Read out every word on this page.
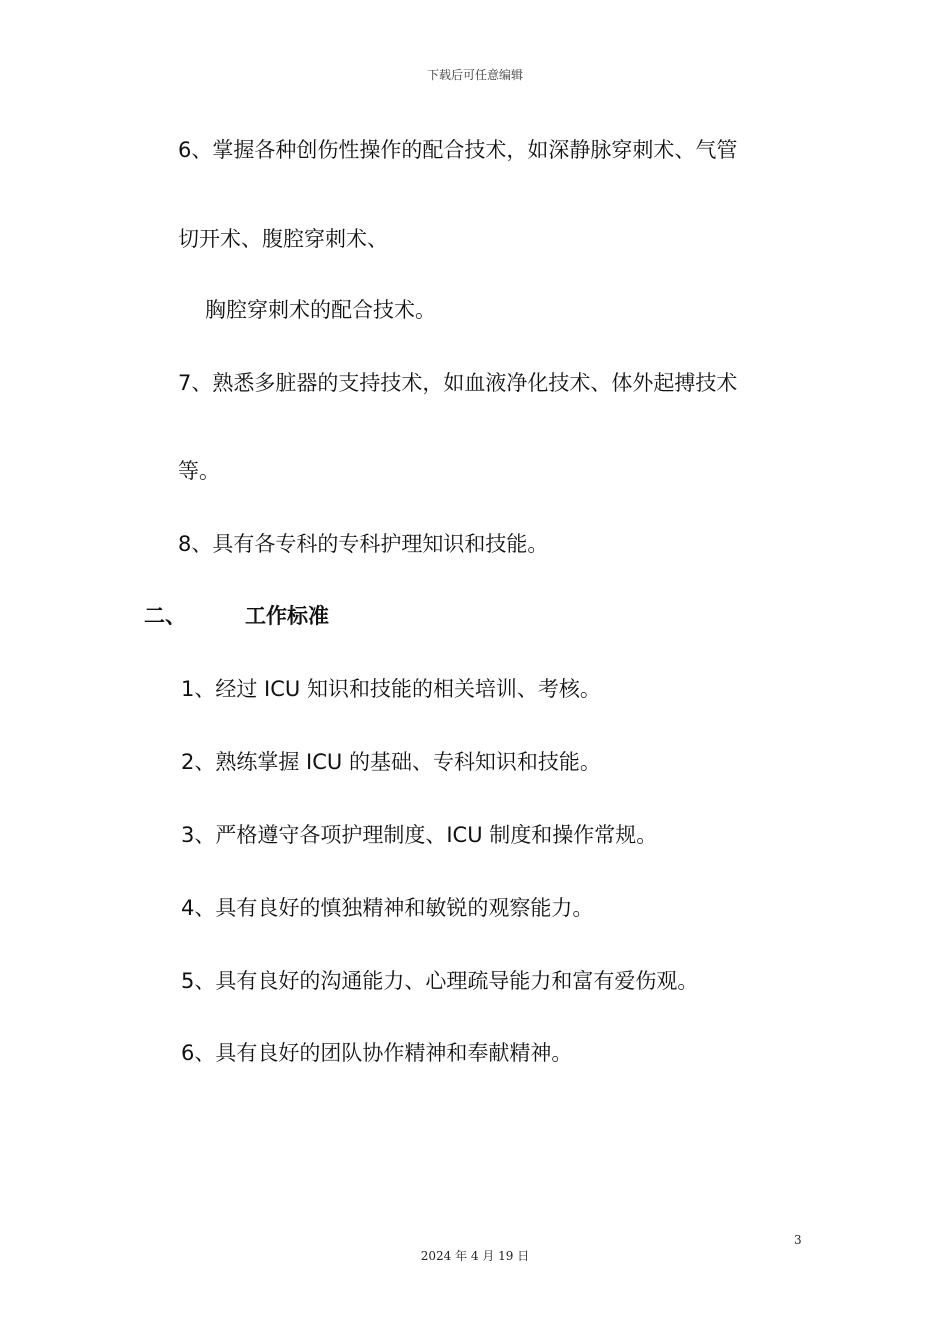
下载后可任意编辑
6、掌握各种创伤性操作的配合技术，如深静脉穿刺术、气管
切开术、腹腔穿刺术、
胸腔穿刺术的配合技术。
7、熟悉多脏器的支持技术，如血液净化技术、体外起搏技术
等。
8、具有各专科的专科护理知识和技能。
二、	工作标准
1、经过 ICU 知识和技能的相关培训、考核。
2、熟练掌握 ICU 的基础、专科知识和技能。
3、严格遵守各项护理制度、ICU 制度和操作常规。
4、具有良好的慎独精神和敏锐的观察能力。
5、具有良好的沟通能力、心理疏导能力和富有爱伤观。
6、具有良好的团队协作精神和奉献精神。
3
2024 年 4 月 19 日
